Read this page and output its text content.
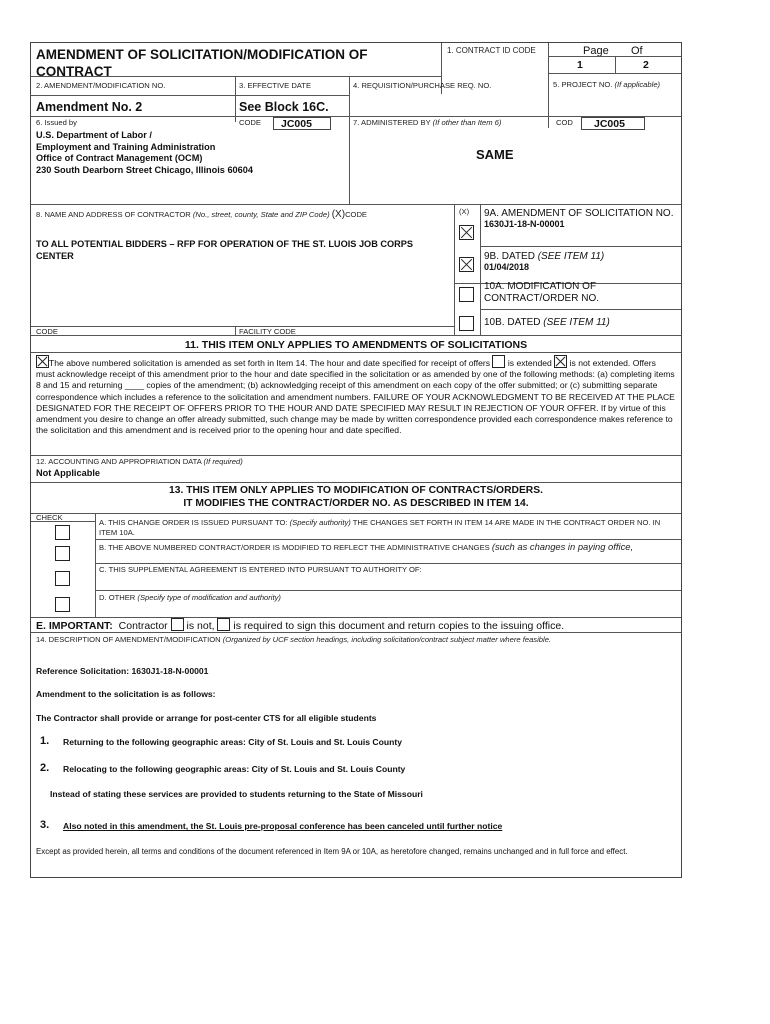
AMENDMENT OF SOLICITATION/MODIFICATION OF CONTRACT
1. CONTRACT ID CODE	Page Of
1	2
2. AMENDMENT/MODIFICATION NO.	3. EFFECTIVE DATE	4. REQUISITION/PURCHASE REQ. NO.	5. PROJECT NO. (If applicable)
Amendment No. 2	See Block 16C.
6. Issued by	CODE JC005
U.S. Department of Labor /
Employment and Training Administration
Office of Contract Management (OCM)
230 South Dearborn Street Chicago, Illinois 60604
7. ADMINISTERED BY (If other than Item 6)	COD JC005
SAME
8. NAME AND ADDRESS OF CONTRACTOR (No., street, county, State and ZIP Code) (X)CODE
TO ALL POTENTIAL BIDDERS – RFP FOR OPERATION OF THE ST. LUOIS JOB CORPS CENTER
(X) 9A. AMENDMENT OF SOLICITATION NO.
1630J1-18-N-00001
9B. DATED (SEE ITEM 11)
01/04/2018
10A. MODIFICATION OF CONTRACT/ORDER NO.
10B. DATED (SEE ITEM 11)
CODE	FACILITY CODE
11. THIS ITEM ONLY APPLIES TO AMENDMENTS OF SOLICITATIONS
The above numbered solicitation is amended as set forth in Item 14. The hour and date specified for receipt of offers is extended is not extended. Offers must acknowledge receipt of this amendment prior to the hour and date specified in the solicitation or as amended by one of the following methods: (a) completing items 8 and 15 and returning ____ copies of the amendment; (b) acknowledging receipt of this amendment on each copy of the offer submitted; or (c) submitting separate correspondence which includes a reference to the solicitation and amendment numbers. FAILURE OF YOUR ACKNOWLEDGMENT TO BE RECEIVED AT THE PLACE DESIGNATED FOR THE RECEIPT OF OFFERS PRIOR TO THE HOUR AND DATE SPECIFIED MAY RESULT IN REJECTION OF YOUR OFFER. If by virtue of this amendment you desire to change an offer already submitted, such change may be made by written correspondence provided each correspondence makes reference to the solicitation and this amendment and is received prior to the opening hour and date specified.
12. ACCOUNTING AND APPROPRIATION DATA (If required)
Not Applicable
13. THIS ITEM ONLY APPLIES TO MODIFICATION OF CONTRACTS/ORDERS.
IT MODIFIES THE CONTRACT/ORDER NO. AS DESCRIBED IN ITEM 14.
CHECK
A. THIS CHANGE ORDER IS ISSUED PURSUANT TO: (Specify authority) THE CHANGES SET FORTH IN ITEM 14 ARE MADE IN THE CONTRACT ORDER NO. IN ITEM 10A.
B. THE ABOVE NUMBERED CONTRACT/ORDER IS MODIFIED TO REFLECT THE ADMINISTRATIVE CHANGES (such as changes in paying office,
C. THIS SUPPLEMENTAL AGREEMENT IS ENTERED INTO PURSUANT TO AUTHORITY OF:
D. OTHER (Specify type of modification and authority)
E. IMPORTANT: Contractor is not, is required to sign this document and return copies to the issuing office.
14. DESCRIPTION OF AMENDMENT/MODIFICATION (Organized by UCF section headings, including solicitation/contract subject matter where feasible.
Reference Solicitation: 1630J1-18-N-00001
Amendment to the solicitation is as follows:
The Contractor shall provide or arrange for post-center CTS for all eligible students
1. Returning to the following geographic areas: City of St. Louis and St. Louis County
2. Relocating to the following geographic areas: City of St. Louis and St. Louis County
Instead of stating these services are provided to students returning to the State of Missouri
3. Also noted in this amendment, the St. Louis pre-proposal conference has been canceled until further notice
Except as provided herein, all terms and conditions of the document referenced in Item 9A or 10A, as heretofore changed, remains unchanged and in full force and effect.
